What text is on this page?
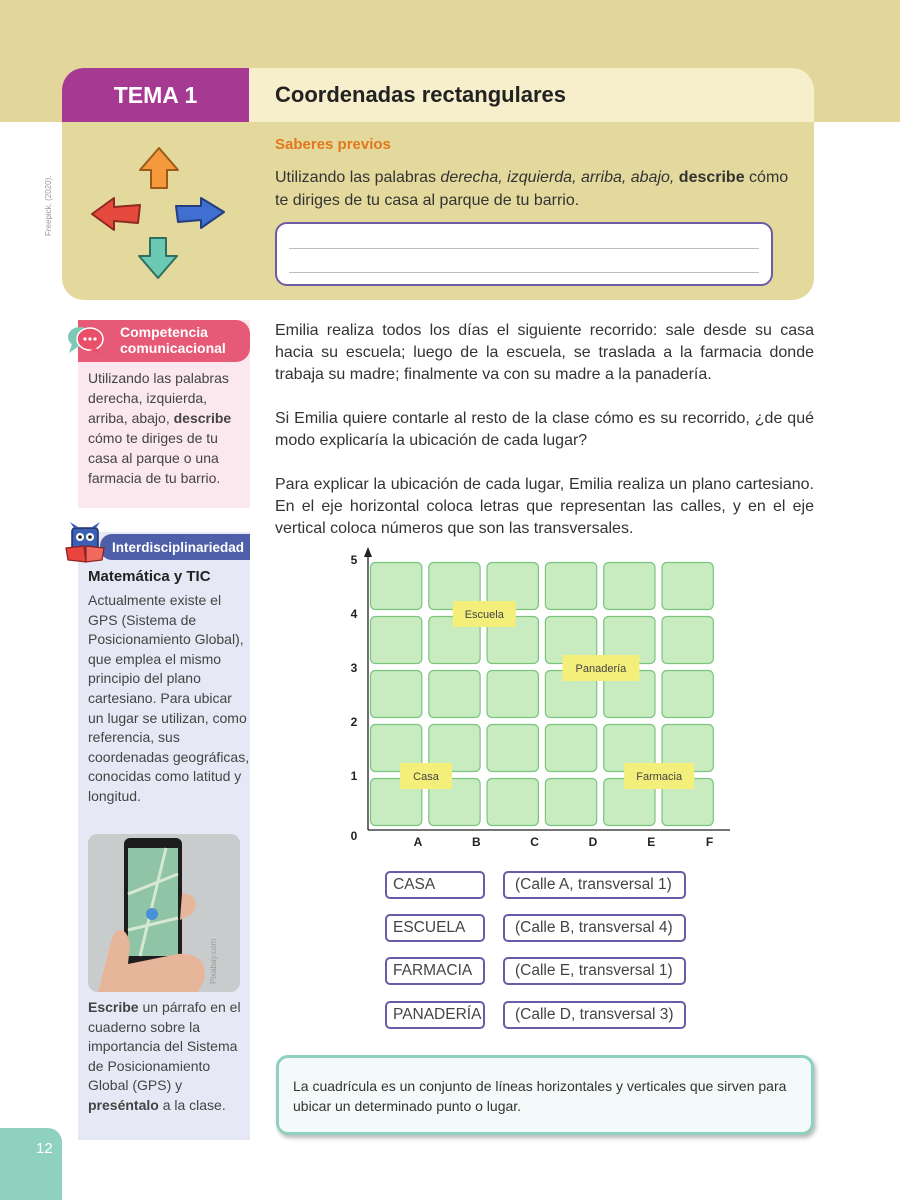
TEMA 1	Coordenadas rectangulares
Freepick. (2020).
Saberes previos
Utilizando las palabras derecha, izquierda, arriba, abajo, describe cómo te diriges de tu casa al parque de tu barrio.
Competencia comunicacional
Utilizando las palabras derecha, izquierda, arriba, abajo, describe cómo te diriges de tu casa al parque o una farmacia de tu barrio.
Interdisciplinariedad
Matemática y TIC
Actualmente existe el GPS (Sistema de Posicionamiento Global), que emplea el mismo principio del plano cartesiano. Para ubicar un lugar se utilizan, como referencia, sus coordenadas geográficas, conocidas como latitud y longitud.
Pixabay.com
Escribe un párrafo en el cuaderno sobre la importancia del Sistema de Posicionamiento Global (GPS) y preséntalo a la clase.
12
Emilia realiza todos los días el siguiente recorrido: sale desde su casa hacia su escuela; luego de la escuela, se traslada a la farmacia donde trabaja su madre; finalmente va con su madre a la panadería.
Si Emilia quiere contarle al resto de la clase cómo es su recorrido, ¿de qué modo explicaría la ubicación de cada lugar?
Para explicar la ubicación de cada lugar, Emilia realiza un plano cartesiano. En el eje horizontal coloca letras que representan las calles, y en el eje vertical coloca números que son las transversales.
A	B	C	D	E	F
0
1
2
3
4
5
Casa
Escuela
Panadería
Farmacia
CASA	(Calle A, transversal 1)
ESCUELA	(Calle B, transversal 4)
FARMACIA	(Calle E, transversal 1)
PANADERÍA	(Calle D, transversal 3)
La cuadrícula es un conjunto de líneas horizontales y verticales que sirven para ubicar un determinado punto o lugar.
